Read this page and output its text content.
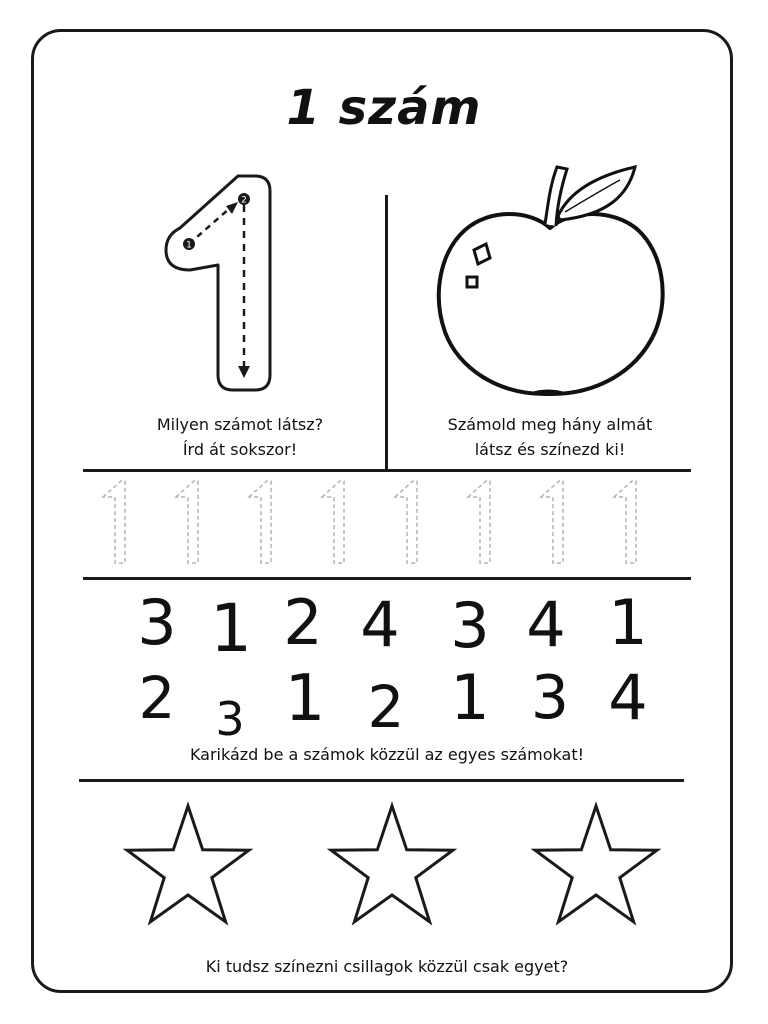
1 szám
1
2
Milyen számot látsz?
Írd át sokszor!
Számold meg hány almát
látsz és színezd ki!
3 1 2 4 3 4 1
2 3 1 2 1 3 4
Karikázd be a számok közzül az egyes számokat!
Ki tudsz színezni csillagok közzül csak egyet?
